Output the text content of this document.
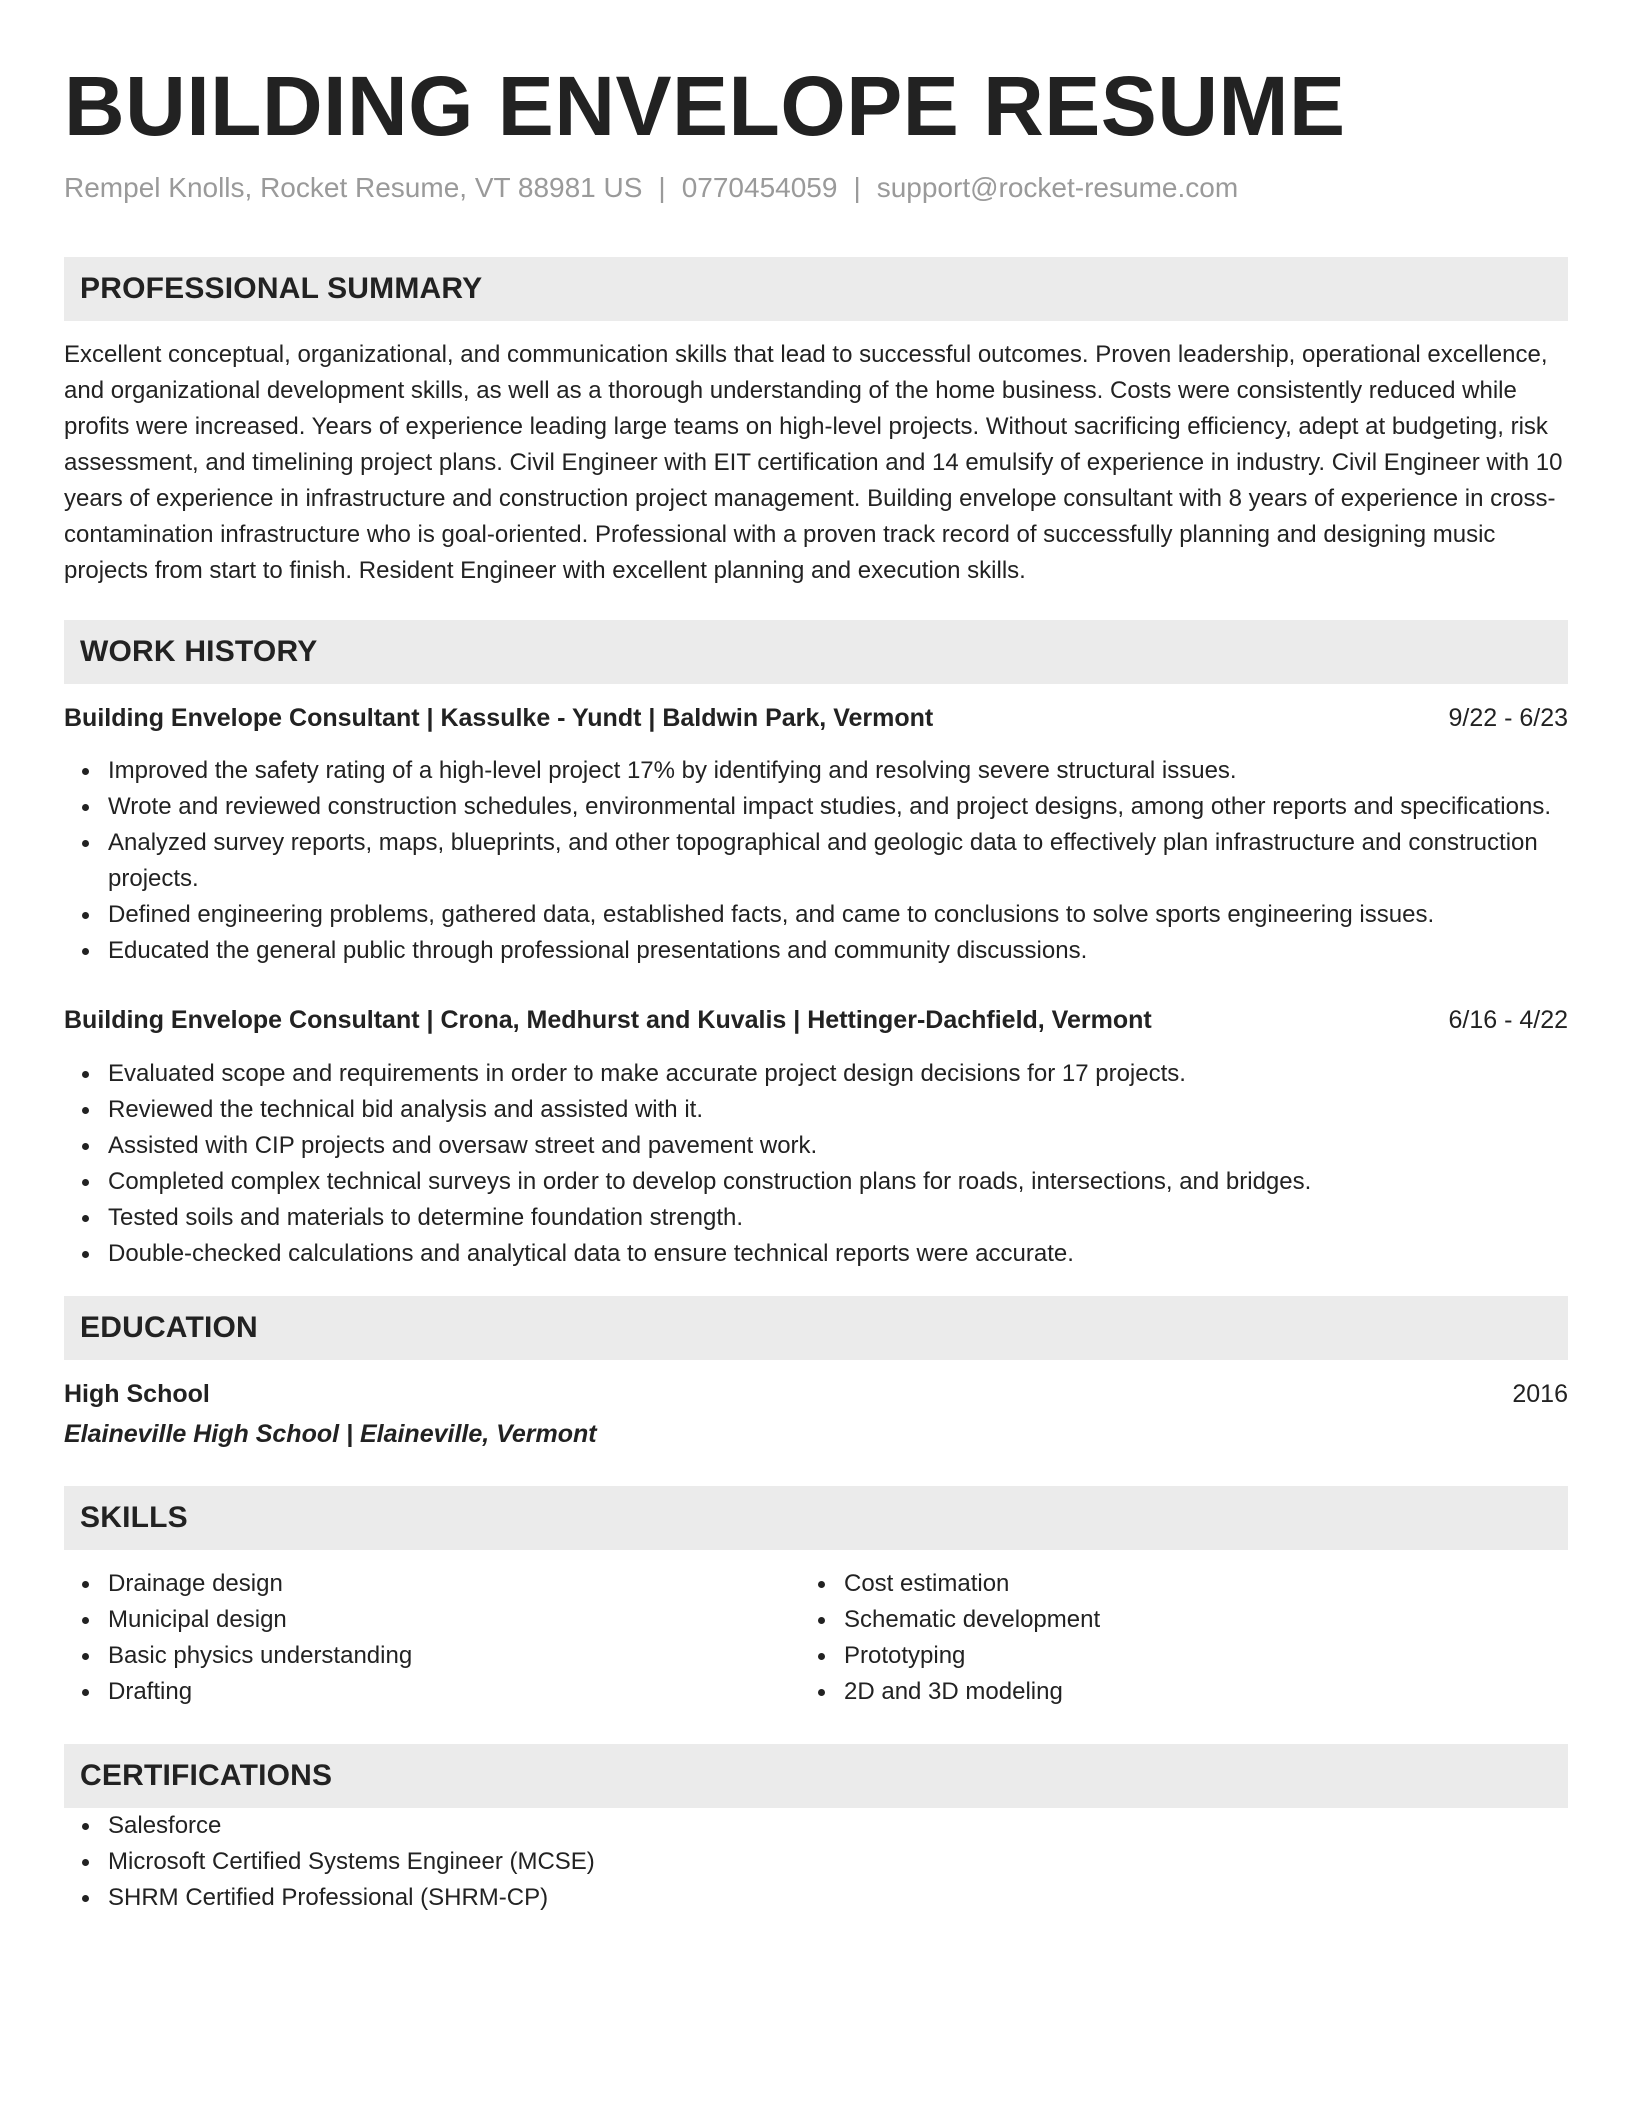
BUILDING ENVELOPE RESUME
Rempel Knolls, Rocket Resume, VT 88981 US | 0770454059 | support@rocket-resume.com
PROFESSIONAL SUMMARY
Excellent conceptual, organizational, and communication skills that lead to successful outcomes. Proven leadership, operational excellence, and organizational development skills, as well as a thorough understanding of the home business. Costs were consistently reduced while profits were increased. Years of experience leading large teams on high-level projects. Without sacrificing efficiency, adept at budgeting, risk assessment, and timelining project plans. Civil Engineer with EIT certification and 14 emulsify of experience in industry. Civil Engineer with 10 years of experience in infrastructure and construction project management. Building envelope consultant with 8 years of experience in cross-contamination infrastructure who is goal-oriented. Professional with a proven track record of successfully planning and designing music projects from start to finish. Resident Engineer with excellent planning and execution skills.
WORK HISTORY
Building Envelope Consultant | Kassulke - Yundt | Baldwin Park, Vermont	9/22 - 6/23
Improved the safety rating of a high-level project 17% by identifying and resolving severe structural issues.
Wrote and reviewed construction schedules, environmental impact studies, and project designs, among other reports and specifications.
Analyzed survey reports, maps, blueprints, and other topographical and geologic data to effectively plan infrastructure and construction projects.
Defined engineering problems, gathered data, established facts, and came to conclusions to solve sports engineering issues.
Educated the general public through professional presentations and community discussions.
Building Envelope Consultant | Crona, Medhurst and Kuvalis | Hettinger-Dachfield, Vermont	6/16 - 4/22
Evaluated scope and requirements in order to make accurate project design decisions for 17 projects.
Reviewed the technical bid analysis and assisted with it.
Assisted with CIP projects and oversaw street and pavement work.
Completed complex technical surveys in order to develop construction plans for roads, intersections, and bridges.
Tested soils and materials to determine foundation strength.
Double-checked calculations and analytical data to ensure technical reports were accurate.
EDUCATION
High School	2016
Elaineville High School | Elaineville, Vermont
SKILLS
Drainage design
Municipal design
Basic physics understanding
Drafting
Cost estimation
Schematic development
Prototyping
2D and 3D modeling
CERTIFICATIONS
Salesforce
Microsoft Certified Systems Engineer (MCSE)
SHRM Certified Professional (SHRM-CP)
